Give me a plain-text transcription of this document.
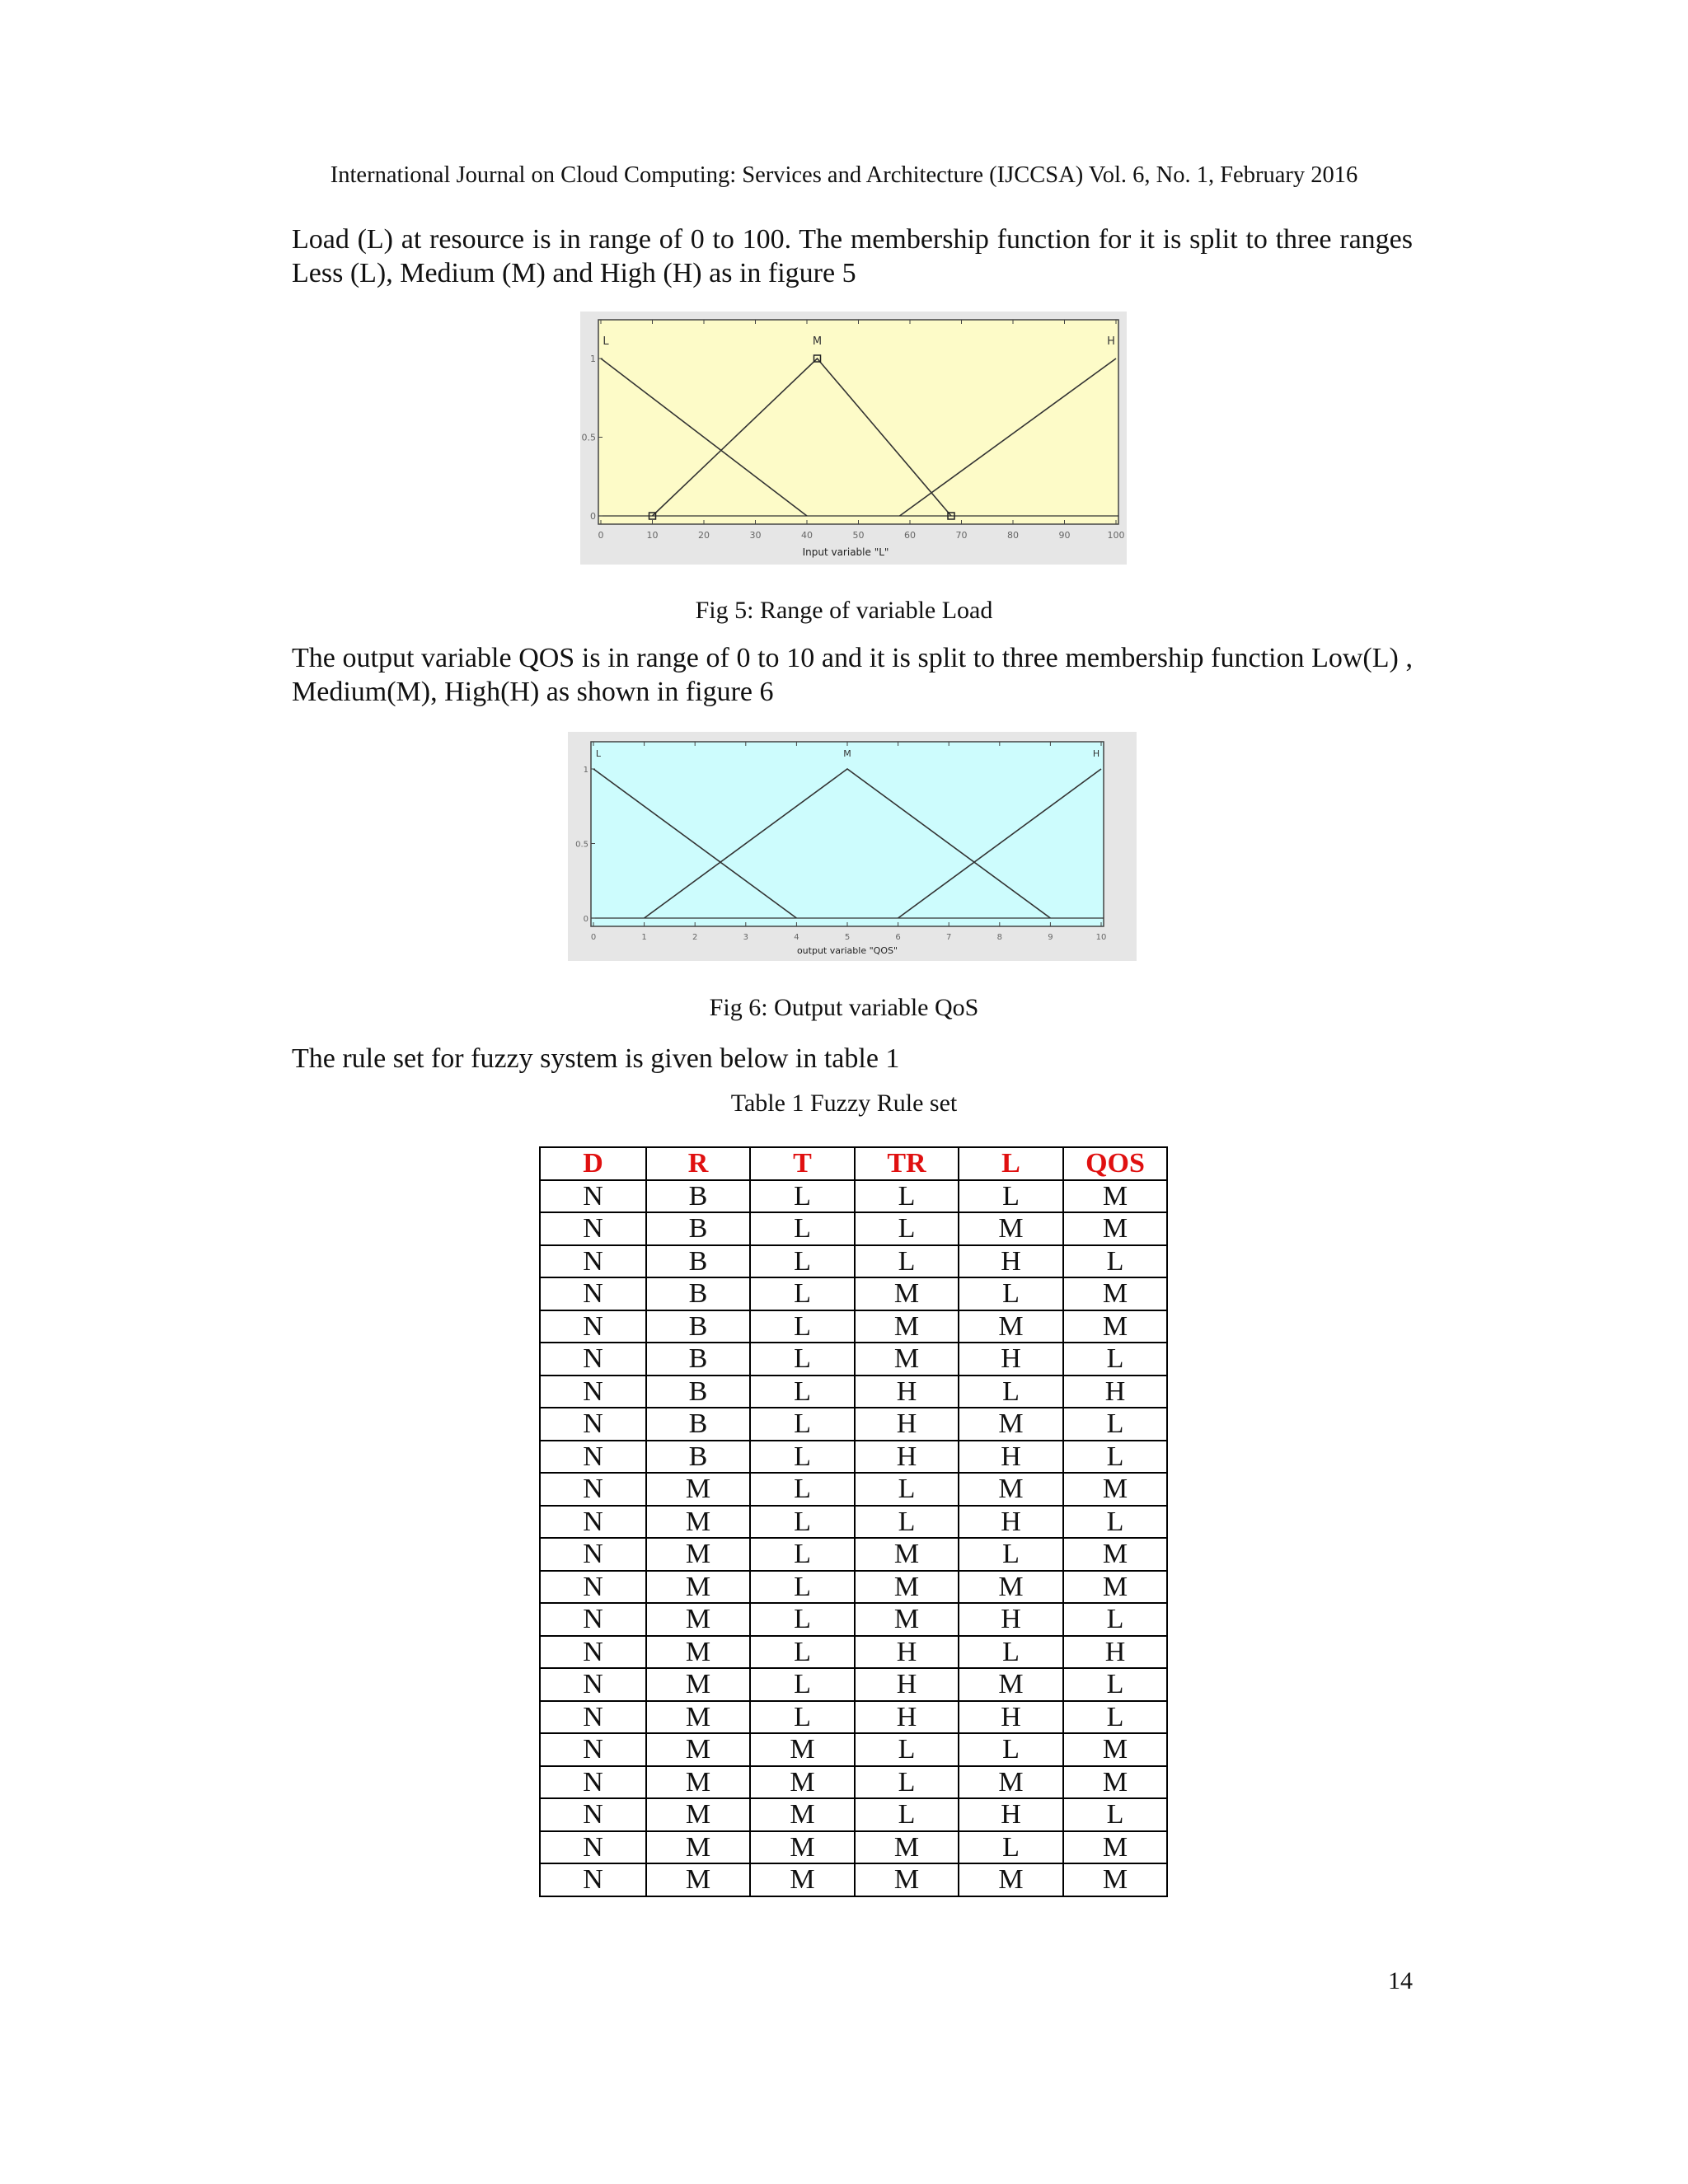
International Journal on Cloud Computing: Services and Architecture (IJCCSA) Vol. 6, No. 1, February 2016
Load (L) at resource is in range of 0 to 100. The membership function for it is split to three ranges Less (L), Medium (M) and High (H) as in figure 5
0	10	20	30	40	50	60	70	80	90	100
0
0.5
1
L	M	H
Input variable "L"
Fig 5: Range of variable Load
The output variable QOS is in range of 0 to 10 and it is split to three membership function Low(L) , Medium(M), High(H) as shown in figure 6
0	1	2	3	4	5	6	7	8	9	10
0
0.5
1
L	M	H
output variable "QOS"
Fig 6: Output variable QoS
The rule set for fuzzy system is given below in table 1
Table 1 Fuzzy Rule set
D	R	T	TR	L	QOS
N	B	L	L	L	M
N	B	L	L	M	M
N	B	L	L	H	L
N	B	L	M	L	M
N	B	L	M	M	M
N	B	L	M	H	L
N	B	L	H	L	H
N	B	L	H	M	L
N	B	L	H	H	L
N	M	L	L	M	M
N	M	L	L	H	L
N	M	L	M	L	M
N	M	L	M	M	M
N	M	L	M	H	L
N	M	L	H	L	H
N	M	L	H	M	L
N	M	L	H	H	L
N	M	M	L	L	M
N	M	M	L	M	M
N	M	M	L	H	L
N	M	M	M	L	M
N	M	M	M	M	M
14
